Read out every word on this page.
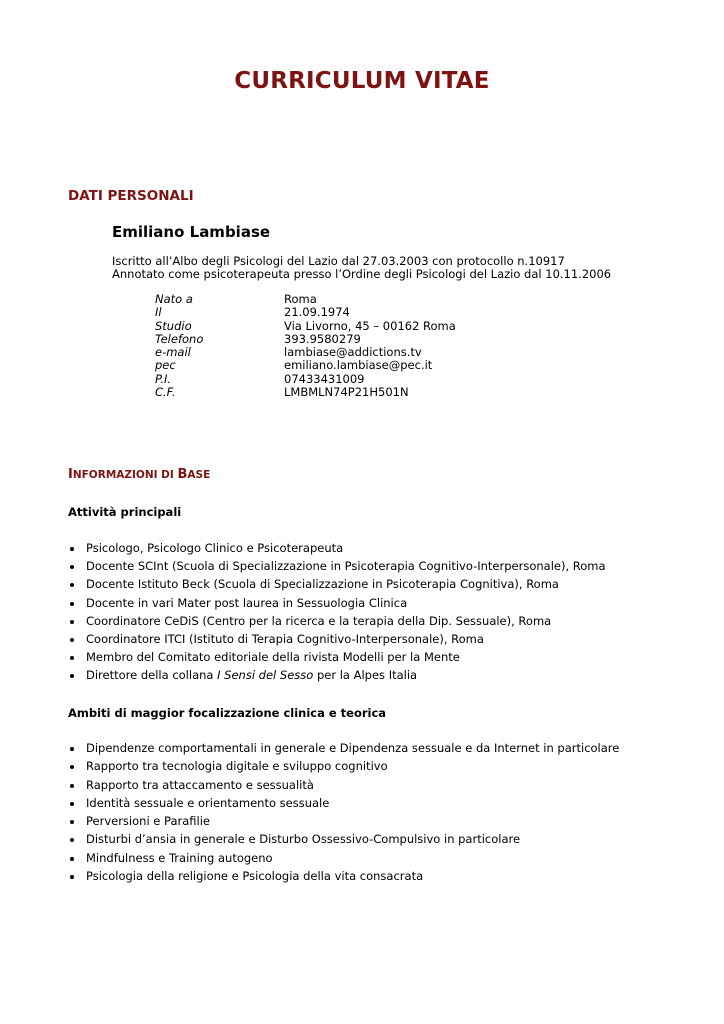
CURRICULUM VITAE
DATI PERSONALI
Emiliano Lambiase
Iscritto all’Albo degli Psicologi del Lazio dal 27.03.2003 con protocollo n.10917
Annotato come psicoterapeuta presso l’Ordine degli Psicologi del Lazio dal 10.11.2006
Nato a	Roma
Il	21.09.1974
Studio	Via Livorno, 45 – 00162 Roma
Telefono	393.9580279
e-mail	lambiase@addictions.tv
pec	emiliano.lambiase@pec.it
P.I.	07433431009
C.F.	LMBMLN74P21H501N
INFORMAZIONI DI BASE
Attività principali
Psicologo, Psicologo Clinico e Psicoterapeuta
Docente SCInt (Scuola di Specializzazione in Psicoterapia Cognitivo-Interpersonale), Roma
Docente Istituto Beck (Scuola di Specializzazione in Psicoterapia Cognitiva), Roma
Docente in vari Mater post laurea in Sessuologia Clinica
Coordinatore CeDiS (Centro per la ricerca e la terapia della Dip. Sessuale), Roma
Coordinatore ITCI (Istituto di Terapia Cognitivo-Interpersonale), Roma
Membro del Comitato editoriale della rivista Modelli per la Mente
Direttore della collana I Sensi del Sesso per la Alpes Italia
Ambiti di maggior focalizzazione clinica e teorica
Dipendenze comportamentali in generale e Dipendenza sessuale e da Internet in particolare
Rapporto tra tecnologia digitale e sviluppo cognitivo
Rapporto tra attaccamento e sessualità
Identità sessuale e orientamento sessuale
Perversioni e Parafilie
Disturbi d’ansia in generale e Disturbo Ossessivo-Compulsivo in particolare
Mindfulness e Training autogeno
Psicologia della religione e Psicologia della vita consacrata
